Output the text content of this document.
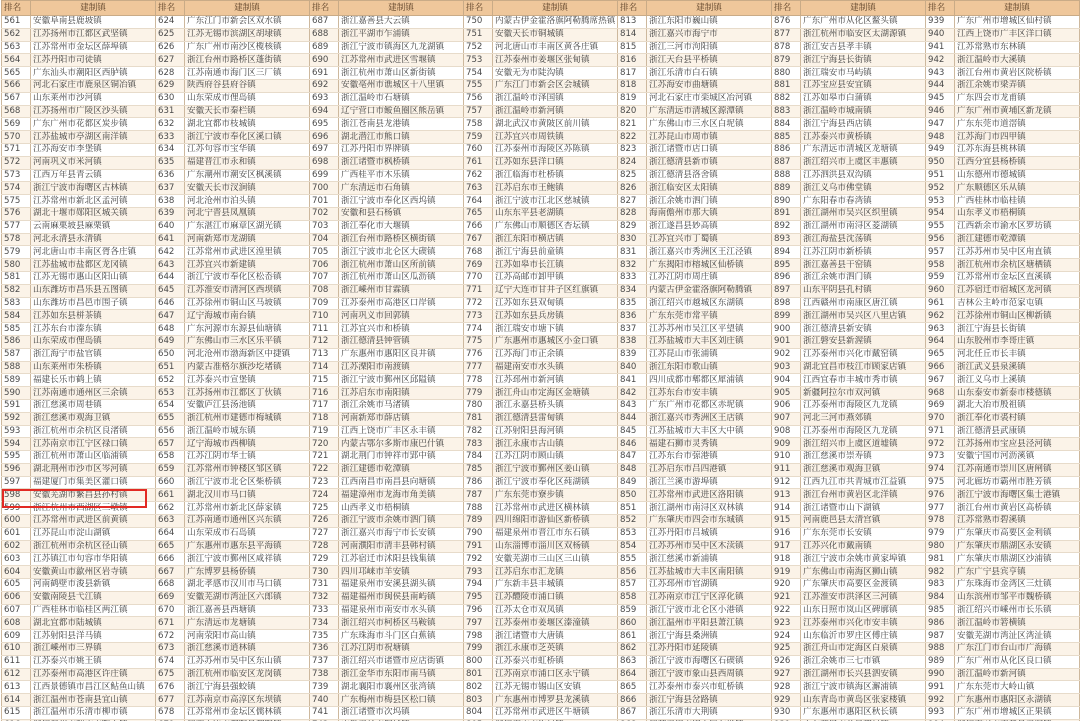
排名	建制镇	排名	建制镇	排名	建制镇	排名	建制镇	排名	建制镇	排名	建制镇	排名	建制镇
561	安徽阜南县鹿坡镇	624	广东江门市新会区双水镇	687	浙江嘉善县大云镇	750	内蒙古伊金霍洛旗阿勒腾席热镇	813	浙江东阳市巍山镇	876	广东广州市从化区鳌头镇	939	广东广州市增城区仙村镇
562	江苏扬州市江都区武坚镇	625	江苏无锡市滨湖区胡埭镇	688	浙江平湖市乍浦镇	751	安徽天长市铜城镇	814	浙江嘉兴市海宁市	877	浙江杭州市临安区太湖源镇	940	江西上饶市广丰区洋口镇
563	江苏常州市金坛区薛埠镇	626	广东广州市南沙区榄核镇	689	浙江宁波市镇海区九龙湖镇	752	河北唐山市丰南区黄各庄镇	815	浙江三河市泃阳镇	878	浙江安吉县孝丰镇	941	江苏常熟市东林镇
564	江苏丹阳市司徒镇	627	浙江台州市路桥区蓬街镇	690	江苏常州市武进区雪堰镇	753	江苏泰州市姜堰区张甸镇	816	浙江天台县平桥镇	879	浙江宁海县长街镇	942	浙江温岭市大溪镇
565	广东汕头市潮阳区西胪镇	628	江苏南通市海门区三厂镇	691	浙江杭州市萧山区新街镇	754	安徽无为市陡沟镇	817	浙江乐清市白石镇	880	浙江瑞安市马屿镇	943	浙江台州市黄岩区院桥镇
566	河北石家庄市鹿泉区铜冶镇	629	陕西府谷县府谷镇	692	安徽亳州市谯城区十八里镇	755	广东江门市新会区会城镇	818	江苏海安市曲塘镇	881	江苏宝应县安宜镇	944	浙江余姚市梁弄镇
567	山东莱州市沙河镇	630	山东荣成市俚岛镇	693	浙江温岭市石塘镇	756	浙江温岭市泽国镇	819	河北石家庄市栾城区冶河镇	882	江苏如皋市白蒲镇	945	广东四会市龙甫镇
568	江苏扬州市广陵区沙头镇	631	安徽天长市秦栏镇	694	辽宁营口市鲅鱼圈区熊岳镇	757	浙江温岭市新河镇	820	广东清远市清城区源潭镇	883	浙江温岭市城南镇	946	广东广州市黄埔区新龙镇
569	广东广州市花都区炭步镇	632	湖北宜都市枝城镇	695	浙江苍南县龙港镇	758	湖北武汉市黄陂区前川镇	821	广东佛山市三水区白坭镇	884	浙江宁海县西店镇	947	广东东莞市道滘镇
570	江苏盐城市亭湖区南洋镇	633	浙江宁波市奉化区溪口镇	696	湖北潜江市熊口镇	759	江苏宜兴市周铁镇	822	江苏昆山市周市镇	885	江苏泰兴市黄桥镇	948	江苏海门市四甲镇
571	江苏海安市李堡镇	634	江苏句容市宝华镇	697	江苏丹阳市界牌镇	760	江苏泰州市海陵区苏陈镇	823	浙江诸暨市店口镇	886	广东清远市清城区龙塘镇	949	江苏东海县桃林镇
572	河南巩义市米河镇	635	福建晋江市永和镇	698	浙江诸暨市枫桥镇	761	江苏如东县洋口镇	824	浙江德清县新市镇	887	浙江绍兴市上虞区丰惠镇	950	江西分宜县杨桥镇
573	江西万年县青云镇	636	广东潮州市潮安区枫溪镇	699	广西桂平市木乐镇	762	浙江临海市杜桥镇	825	浙江德清县洛舍镇	888	江苏泗洪县双沟镇	951	山东德州市德城镇
574	浙江宁波市海曙区古林镇	637	安徽天长市汊涧镇	700	广东清远市石角镇	763	江苏启东市王鲍镇	826	浙江临安区太阳镇	889	浙江义乌市佛堂镇	952	广东顺德区乐从镇
575	江苏常州市新北区孟河镇	638	河北沧州市泊头镇	701	浙江宁波市奉化区西坞镇	764	浙江宁波市江北区慈城镇	827	浙江余姚市泗门镇	890	广东阳春市春湾镇	953	广西桂林市临桂镇
576	湖北十堰市郧阳区城关镇	639	河北宁晋县凤凰镇	702	安徽和县石杨镇	765	山东东平县老湖镇	828	海南儋州市那大镇	891	浙江湖州市吴兴区织里镇	954	山东孝义市梧桐镇
577	云南麻栗坡县麻栗镇	640	广东湛江市麻章区湖光镇	703	浙江奉化市大堰镇	766	广东佛山市顺德区杏坛镇	829	浙江遂昌县妙高镇	892	浙江湖州市南浔区菱湖镇	955	江西新余市渝水区罗坊镇
578	河北永清县永清镇	641	河南新郑市龙湖镇	704	浙江台州市路桥区横街镇	767	浙江东阳市横店镇	830	江苏宜兴市丁蜀镇	893	浙江海盐县沈荡镇	956	浙江建德市乾潭镇
579	河北唐山市丰南区胥各庄镇	642	江苏常州市武进区湟里镇	705	浙江宁波市北仑区大碶镇	768	浙江宁海县前童镇	831	浙江嘉兴市秀洲区王江泾镇	894	江苏江阴市新桥镇	957	江苏苏州市吴中区甪直镇
580	江苏盐城市盐都区龙冈镇	643	江苏宜兴市新建镇	706	浙江杭州市萧山区所前镇	769	江苏如皋市长江镇	832	广东揭阳市榕城区仙桥镇	895	浙江嘉善县干窑镇	958	浙江杭州市余杭区塘栖镇
581	江苏无锡市惠山区阳山镇	644	浙江宁波市奉化区松岙镇	707	浙江杭州市萧山区瓜沥镇	770	江苏高邮市卸甲镇	833	江苏江阴市周庄镇	896	浙江余姚市泗门镇	959	江苏常州市金坛区直溪镇
582	山东潍坊市昌乐县五图镇	645	江苏淮安市清河区西坝镇	708	浙江嵊州市甘霖镇	771	辽宁大连市甘井子区红旗镇	834	内蒙古伊金霍洛旗阿勒腾镇	897	山东平阴县孔村镇	960	江苏宿迁市宿城区龙河镇
583	山东潍坊市昌邑市围子镇	646	江苏徐州市铜山区马坡镇	709	江苏泰州市高港区口岸镇	772	江苏如东县双甸镇	835	浙江绍兴市越城区东湖镇	898	江西赣州市南康区唐江镇	961	吉林公主岭市范家屯镇
584	江苏如东县栟茶镇	647	辽宁海城市南台镇	710	河南巩义市回郭镇	773	江苏如东县兵房镇	836	广东东莞市常平镇	899	浙江湖州市吴兴区八里店镇	962	江苏徐州市铜山区柳新镇
585	江苏东台市溱东镇	648	广东河源市东源县仙塘镇	711	江苏宜兴市和桥镇	774	浙江瑞安市塘下镇	837	江苏苏州市吴江区平望镇	900	浙江德清县新安镇	963	浙江宁海县长街镇
586	山东荣成市俚岛镇	649	广东佛山市三水区乐平镇	712	浙江德清县钟管镇	775	广东惠州市惠城区小金口镇	838	江苏盐城市大丰区刘庄镇	901	浙江磐安县新渥镇	964	山东胶州市李哥庄镇
587	浙江海宁市盐官镇	650	河北沧州市渤海新区中捷镇	713	广东惠州市惠阳区良井镇	776	江苏海门市正余镇	839	江苏昆山市张浦镇	902	江苏泰州市兴化市戴窑镇	965	河北任丘市长丰镇
588	山东莱州市朱桥镇	651	内蒙古准格尔旗沙圪堵镇	714	江苏溧阳市南渡镇	777	福建南安市水头镇	840	浙江东阳市歌山镇	903	湖北宜昌市枝江市顾家店镇	966	浙江武义县泉溪镇
589	福建长乐市鹤上镇	652	江苏泰兴市宣堡镇	715	浙江宁波市鄞州区邱隘镇	778	江苏邳州市新河镇	841	四川成都市郫都区犀浦镇	904	江西宜春市丰城市秀市镇	967	浙江义乌市上溪镇
590	江苏南通市通州区三余镇	653	江苏扬州市江都区丁伙镇	716	江苏启东市南阳镇	779	浙江舟山市定海区金塘镇	842	江苏东台市安丰镇	905	新疆阿拉尔市双河镇	968	山东泰安市新泰市楼德镇
591	浙江慈溪市周巷镇	654	安徽庐江县汤池镇	717	浙江余姚市马渚镇	780	浙江永嘉县桥头镇	843	广东广州市花都区赤坭镇	906	江苏泰州市海陵区九龙镇	969	湖北大冶市殷祖镇
592	浙江慈溪市观海卫镇	655	浙江杭州市建德市梅城镇	718	河南新郑市薛店镇	781	浙江德清县雷甸镇	844	浙江嘉兴市秀洲区王店镇	907	河北三河市燕郊镇	970	浙江奉化市裘村镇
593	浙江杭州市余杭区良渚镇	656	浙江温岭市城东镇	719	江西上饶市广丰区永丰镇	782	江苏射阳县海河镇	845	江苏盐城市大丰区大中镇	908	江苏泰州市海陵区九龙镇	971	浙江德清县武康镇
594	江苏南京市江宁区禄口镇	657	辽宁海城市西柳镇	720	内蒙古鄂尔多斯市康巴什镇	783	浙江永康市古山镇	846	福建石狮市灵秀镇	909	浙江绍兴市上虞区道墟镇	972	江苏扬州市宝应县泾河镇
595	浙江杭州市萧山区临浦镇	658	江苏江阴市华士镇	721	湖北荆门市钟祥市郢中镇	784	江苏江阴市顾山镇	847	江苏东台市弶港镇	910	浙江慈溪市崇寿镇	973	安徽宁国市河沥溪镇
596	湖北荆州市沙市区岑河镇	659	江苏常州市钟楼区邹区镇	722	浙江建德市乾潭镇	785	浙江宁波市鄞州区姜山镇	848	江苏启东市吕四港镇	911	浙江慈溪市观海卫镇	974	江苏南通市崇川区唐闸镇
597	福建厦门市集美区灌口镇	660	浙江宁波市北仑区柴桥镇	723	江西南昌市南昌县向塘镇	786	浙江宁波市奉化区莼湖镇	849	浙江兰溪市游埠镇	912	江西九江市共青城市江益镇	975	河北廊坊市霸州市胜芳镇
598	安徽芜湖市繁昌县孙村镇	661	湖北汉川市马口镇	724	福建漳州市龙海市角美镇	787	广东东莞市寮步镇	850	江苏常州市武进区洛阳镇	913	浙江台州市黄岩区北洋镇	976	浙江宁波市海曙区集士港镇
599	浙江杭州市西湖区三墩镇	662	江苏常州市新北区薛家镇	725	山西孝义市梧桐镇	788	江苏常州市武进区横林镇	851	浙江湖州市南浔区双林镇	914	浙江诸暨市山下湖镇	977	浙江台州市黄岩区高桥镇
600	江苏常州市武进区前黄镇	663	江苏南通市通州区兴东镇	726	浙江宁波市余姚市泗门镇	789	四川绵阳市游仙区新桥镇	852	广东肇庆市四会市东城镇	915	河南鹿邑县太清宫镇	978	江苏常熟市碧溪镇
601	江苏昆山市淀山湖镇	664	山东荣成市石岛镇	727	浙江嘉兴市海宁市长安镇	790	福建泉州市晋江市东石镇	853	江苏丹阳市吕城镇	916	广东东莞市长安镇	979	广东肇庆市高要区金利镇
602	浙江杭州市余杭区径山镇	665	广东惠州市惠东县平海镇	728	河南濮阳市清丰县韩村镇	791	山东淄博市淄川区双杨镇	854	江苏苏州市吴中区木渎镇	917	江苏兴化市戴南镇	980	广东肇庆市鼎湖区永安镇
603	江苏镇江市句容市华阳镇	666	浙江宁波市鄞州区咸祥镇	729	江苏宿迁市沭阳县钱集镇	792	安徽芜湖市三山区三山镇	855	浙江慈溪市新浦镇	918	浙江宁波市余姚市黄家埠镇	981	广东肇庆市鼎湖区沙浦镇
604	安徽黄山市歙州区岩寺镇	667	广东博罗县杨侨镇	730	四川邛崃市羊安镇	793	江苏启东市汇龙镇	856	江苏盐城市大丰区南阳镇	919	广东佛山市南海区狮山镇	982	广东广宁县宾亨镇
605	河南鹤壁市浚县新镇	668	湖北孝感市汉川市马口镇	731	福建泉州市安溪县湖头镇	794	广东新丰县丰城镇	857	江苏邳州市官湖镇	920	广东肇庆市高要区金渡镇	983	广东珠海市金湾区三灶镇
606	安徽南陵县弋江镇	669	安徽芜湖市湾沚区六郎镇	732	福建福州市闽侯县南屿镇	795	江苏醴陵市浦口镇	858	江苏南京市江宁区淳化镇	921	江苏淮安市洪泽区三河镇	984	山东滨州市邹平市魏桥镇
607	广西桂林市临桂区两江镇	670	浙江嘉善县西塘镇	733	福建泉州市南安市水头镇	796	江苏太仓市双凤镇	859	浙江宁波市北仑区小港镇	922	山东日照市岚山区碑廓镇	985	浙江绍兴市嵊州市长乐镇
608	湖北宜都市陆城镇	671	广东清远市龙塘镇	734	浙江绍兴市柯桥区马鞍镇	797	江苏泰州市姜堰区溱潼镇	860	浙江温州市平阳县萧江镇	923	江苏泰州市兴化市安丰镇	986	浙江温岭市箬横镇
609	江苏射阳县洋马镇	672	河南荥阳市高山镇	735	广东珠海市斗门区白蕉镇	798	浙江诸暨市大唐镇	861	浙江宁海县桑洲镇	924	山东临沂市罗庄区傅庄镇	987	安徽芜湖市湾沚区湾沚镇
610	浙江嵊州市三界镇	673	浙江慈溪市逍林镇	736	江苏江阴市祝塘镇	799	浙江永康市芝英镇	862	江苏丹阳市延陵镇	925	浙江舟山市定海区白泉镇	988	广东江门市台山市广海镇
611	江苏泰兴市姚王镇	674	江苏苏州市吴中区东山镇	737	浙江绍兴市诸暨市应店街镇	800	江苏泰兴市虹桥镇	863	浙江宁波市海曙区石碶镇	926	浙江余姚市三七市镇	989	广东广州市从化区良口镇
612	江苏泰州市高港区许庄镇	675	浙江杭州市临安区龙岗镇	738	浙江金华市东阳市南马镇	801	江苏南京市浦口区永宁镇	864	浙江宁波市象山县西周镇	927	浙江湖州市长兴县泗安镇	990	浙江温岭市新河镇
613	江西景德镇市昌江区鲇鱼山镇	676	浙江宁海县强蛟镇	739	湖北襄阳市襄州区张湾镇	802	江苏无锡市锡山区安镇	865	江苏泰州市泰兴市虹桥镇	928	浙江宁波市镇海区澥浦镇	991	广东东莞市大岭山镇
614	浙江温州市苍南县宜山镇	677	江苏南京市高淳区东坝镇	740	广东梅州市梅县区松口镇	803	广东惠州市博罗县龙溪镇	866	浙江宁海县岔路镇	929	山东青岛市黄岛区张家楼镇	992	广东惠州市惠阳区永湖镇
615	浙江温州市乐清市柳市镇	678	江苏常州市金坛区儒林镇	741	浙江诸暨市次坞镇	804	江苏常州市武进区牛塘镇	867	浙江乐清市大荆镇	930	广东惠州市惠阳区秋长镇	993	广东广州市增城区正果镇
